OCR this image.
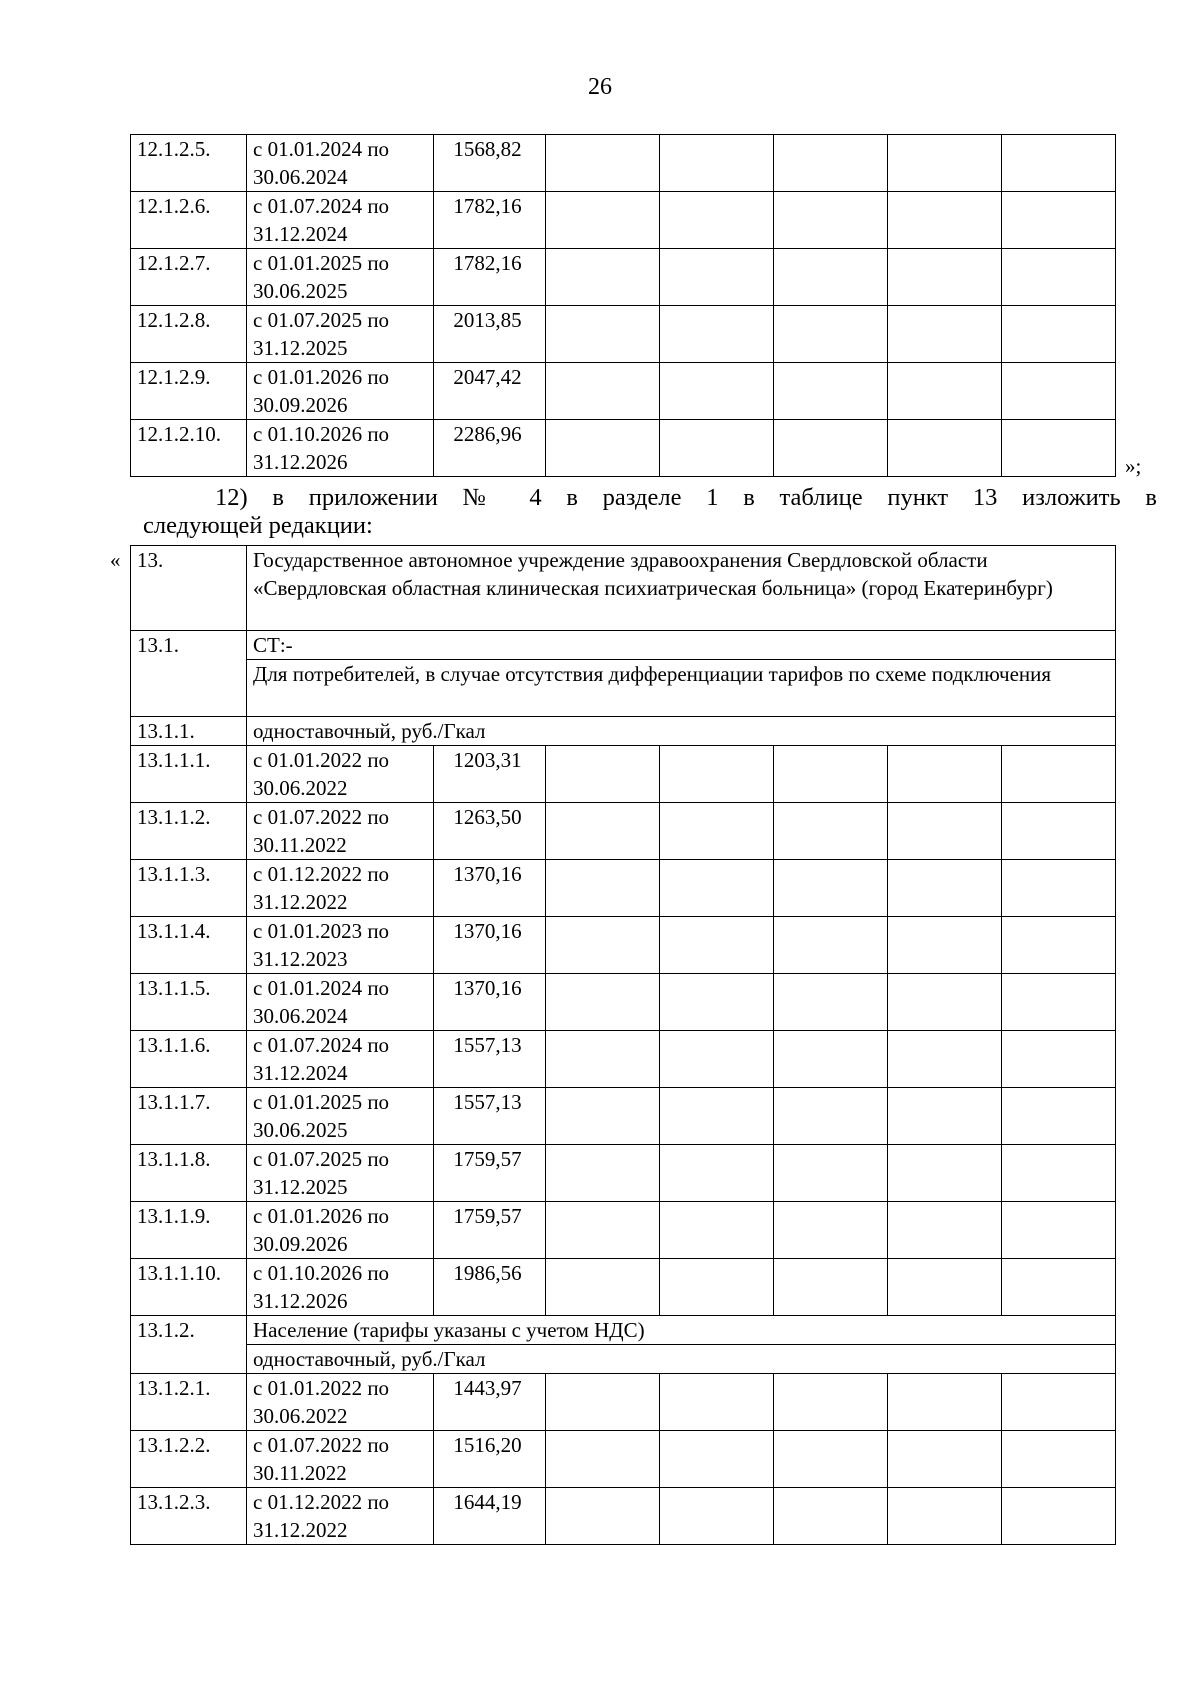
26
12.1.2.5.	с 01.01.2024 по 30.06.2024	1568,82					
12.1.2.6.	с 01.07.2024 по 31.12.2024	1782,16					
12.1.2.7.	с 01.01.2025 по 30.06.2025	1782,16					
12.1.2.8.	с 01.07.2025 по 31.12.2025	2013,85					
12.1.2.9.	с 01.01.2026 по 30.09.2026	2047,42					
12.1.2.10.	с 01.10.2026 по 31.12.2026	2286,96					
»;
12) в приложении № 4 в разделе 1 в таблице пункт 13 изложить в
следующей редакции:
« 13.	Государственное автономное учреждение здравоохранения Свердловской области «Свердловская областная клиническая психиатрическая больница» (город Екатеринбург)						
13.1.	СТ:-						
	Для потребителей, в случае отсутствия дифференциации тарифов по схеме подключения						
13.1.1.	одноставочный, руб./Гкал						
13.1.1.1.	с 01.01.2022 по 30.06.2022	1203,31					
13.1.1.2.	с 01.07.2022 по 30.11.2022	1263,50					
13.1.1.3.	с 01.12.2022 по 31.12.2022	1370,16					
13.1.1.4.	с 01.01.2023 по 31.12.2023	1370,16					
13.1.1.5.	с 01.01.2024 по 30.06.2024	1370,16					
13.1.1.6.	с 01.07.2024 по 31.12.2024	1557,13					
13.1.1.7.	с 01.01.2025 по 30.06.2025	1557,13					
13.1.1.8.	с 01.07.2025 по 31.12.2025	1759,57					
13.1.1.9.	с 01.01.2026 по 30.09.2026	1759,57					
13.1.1.10.	с 01.10.2026 по 31.12.2026	1986,56					
13.1.2.	Население (тарифы указаны с учетом НДС)						
	одноставочный, руб./Гкал						
13.1.2.1.	с 01.01.2022 по 30.06.2022	1443,97					
13.1.2.2.	с 01.07.2022 по 30.11.2022	1516,20					
13.1.2.3.	с 01.12.2022 по 31.12.2022	1644,19					
